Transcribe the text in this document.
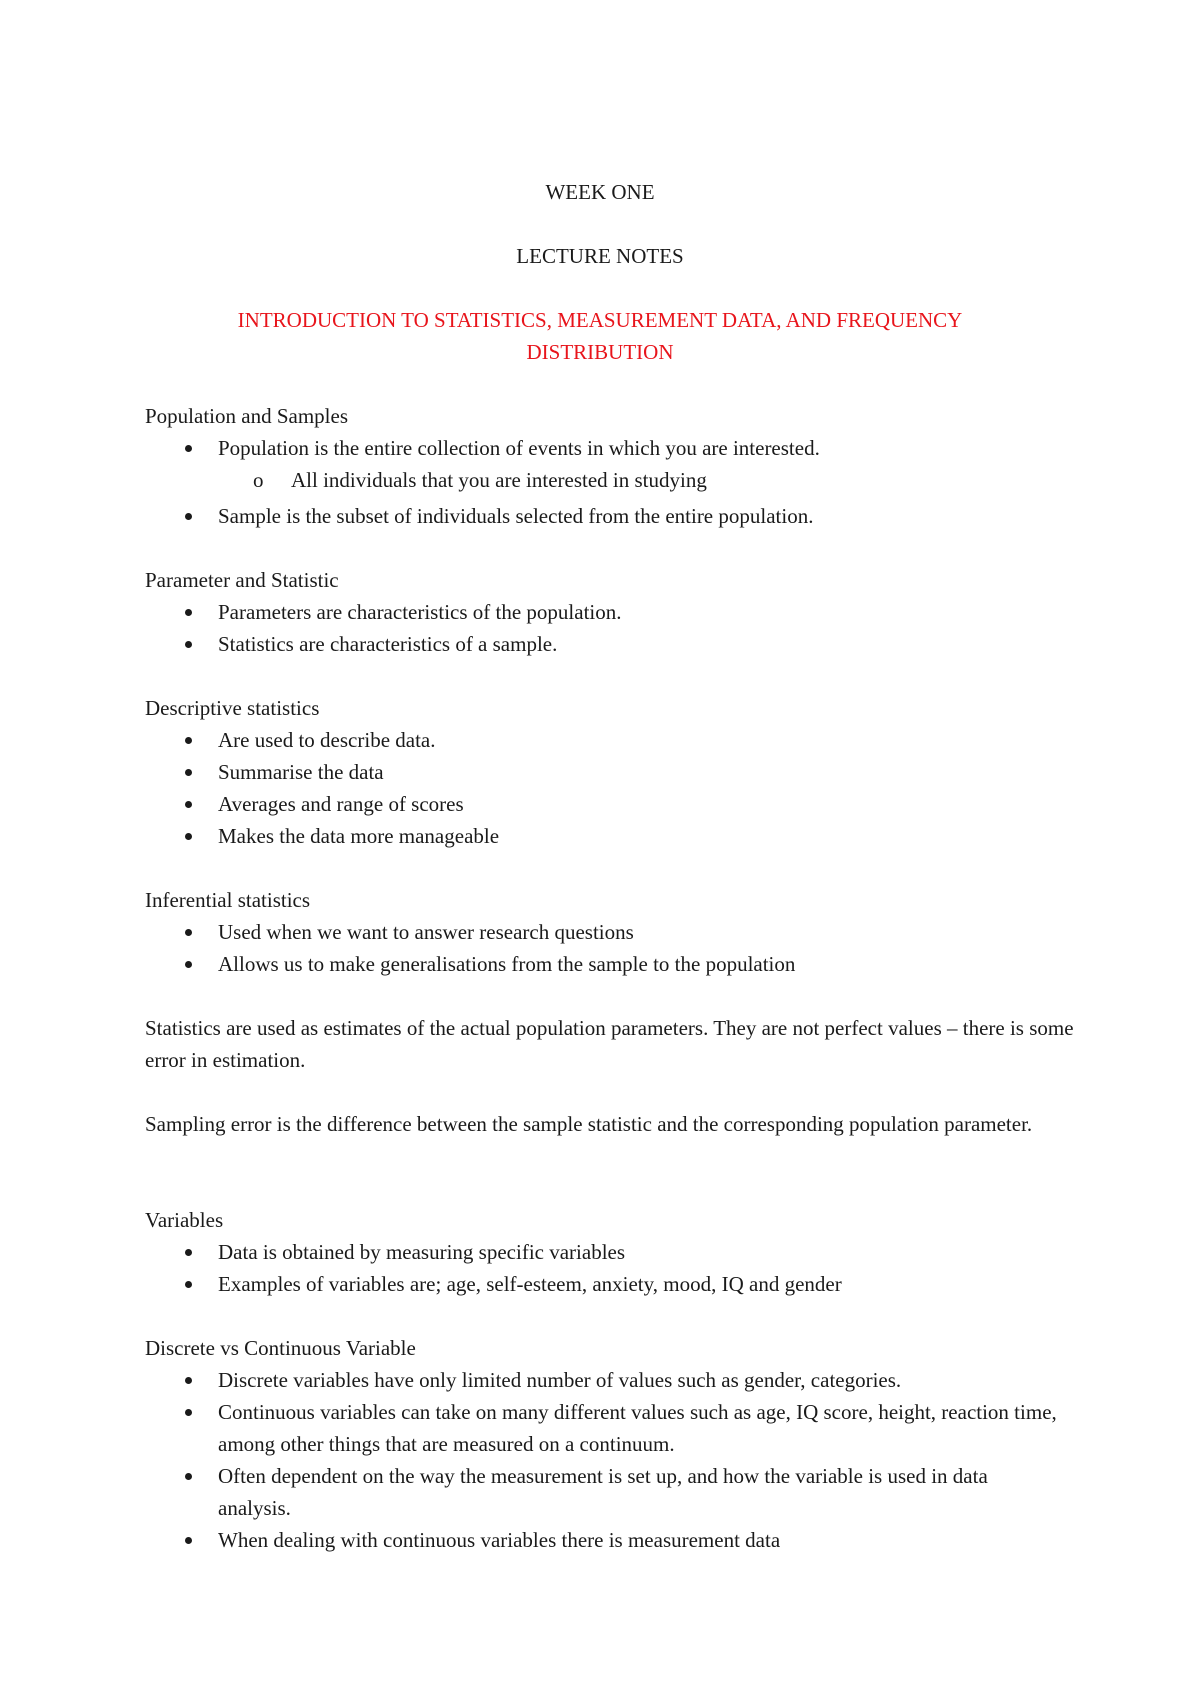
WEEK ONE
LECTURE NOTES
INTRODUCTION TO STATISTICS, MEASUREMENT DATA, AND FREQUENCY DISTRIBUTION
Population and Samples
Population is the entire collection of events in which you are interested.
o All individuals that you are interested in studying
Sample is the subset of individuals selected from the entire population.
Parameter and Statistic
Parameters are characteristics of the population.
Statistics are characteristics of a sample.
Descriptive statistics
Are used to describe data.
Summarise the data
Averages and range of scores
Makes the data more manageable
Inferential statistics
Used when we want to answer research questions
Allows us to make generalisations from the sample to the population
Statistics are used as estimates of the actual population parameters. They are not perfect values – there is some error in estimation.
Sampling error is the difference between the sample statistic and the corresponding population parameter.
Variables
Data is obtained by measuring specific variables
Examples of variables are; age, self-esteem, anxiety, mood, IQ and gender
Discrete vs Continuous Variable
Discrete variables have only limited number of values such as gender, categories.
Continuous variables can take on many different values such as age, IQ score, height, reaction time, among other things that are measured on a continuum.
Often dependent on the way the measurement is set up, and how the variable is used in data analysis.
When dealing with continuous variables there is measurement data
